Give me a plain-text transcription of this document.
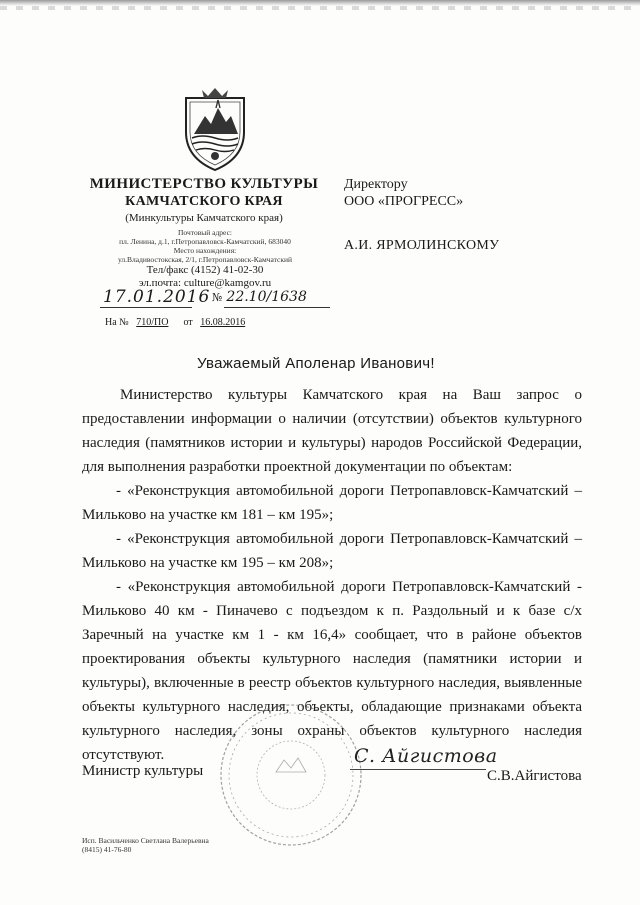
МИНИСТЕРСТВО КУЛЬТУРЫ
КАМЧАТСКОГО КРАЯ
(Минкультуры Камчатского края)
Почтовый адрес:
пл. Ленина, д.1, г.Петропавловск-Камчатский, 683040
Место нахождения:
ул.Владивостокская, 2/1, г.Петропавловск-Камчатский
Тел/факс (4152) 41-02-30
эл.почта: culture@kamgov.ru
17.01.2016 № 22.10/1638
На № 710/ПО от 16.08.2016
Директору
ООО «ПРОГРЕСС»
А.И. ЯРМОЛИНСКОМУ
Уважаемый Аполенар Иванович!

Министерство культуры Камчатского края на Ваш запрос о предоставлении информации о наличии (отсутствии) объектов культурного наследия (памятников истории и культуры) народов Российской Федерации, для выполнения разработки проектной документации по объектам:

- «Реконструкция автомобильной дороги Петропавловск-Камчатский – Мильково на участке км 181 – км 195»;

- «Реконструкция автомобильной дороги Петропавловск-Камчатский – Мильково на участке км 195 – км 208»;

- «Реконструкция автомобильной дороги Петропавловск-Камчатский - Мильково 40 км - Пиначево с подъездом к п. Раздольный и к базе с/х Заречный на участке км 1 - км 16,4» сообщает, что в районе объектов проектирования объекты культурного наследия (памятники истории и культуры), включенные в реестр объектов культурного наследия, выявленные объекты культурного наследия, объекты, обладающие признаками объекта культурного наследия, зоны охраны объектов культурного наследия отсутствуют.	С. Айгистова
Министр культуры	С.В.Айгистова
Исп. Васильченко Светлана Валерьевна
(8415) 41-76-80
